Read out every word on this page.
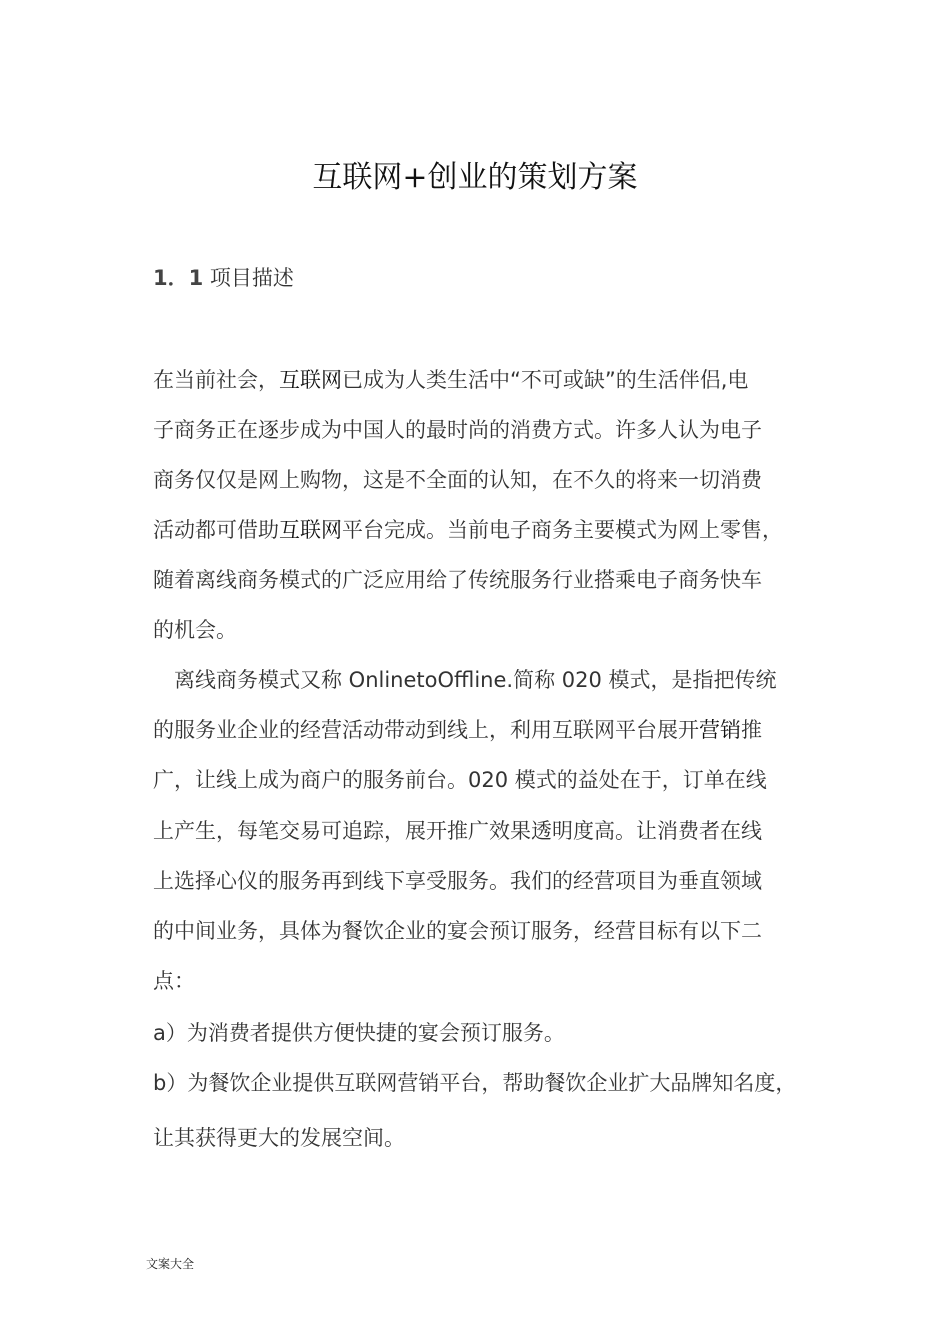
互联网+创业的策划方案
1．1 项目描述
在当前社会，互联网已成为人类生活中“不可或缺”的生活伴侣,电
子商务正在逐步成为中国人的最时尚的消费方式。许多人认为电子
商务仅仅是网上购物，这是不全面的认知，在不久的将来一切消费
活动都可借助互联网平台完成。当前电子商务主要模式为网上零售，
随着离线商务模式的广泛应用给了传统服务行业搭乘电子商务快车
的机会。
离线商务模式又称 OnlinetoOffline.简称 020 模式，是指把传统
的服务业企业的经营活动带动到线上，利用互联网平台展开营销推
广，让线上成为商户的服务前台。020 模式的益处在于，订单在线
上产生，每笔交易可追踪，展开推广效果透明度高。让消费者在线
上选择心仪的服务再到线下享受服务。我们的经营项目为垂直领域
的中间业务，具体为餐饮企业的宴会预订服务，经营目标有以下二
点：
a）为消费者提供方便快捷的宴会预订服务。
b）为餐饮企业提供互联网营销平台，帮助餐饮企业扩大品牌知名度，
让其获得更大的发展空间。
文案大全
